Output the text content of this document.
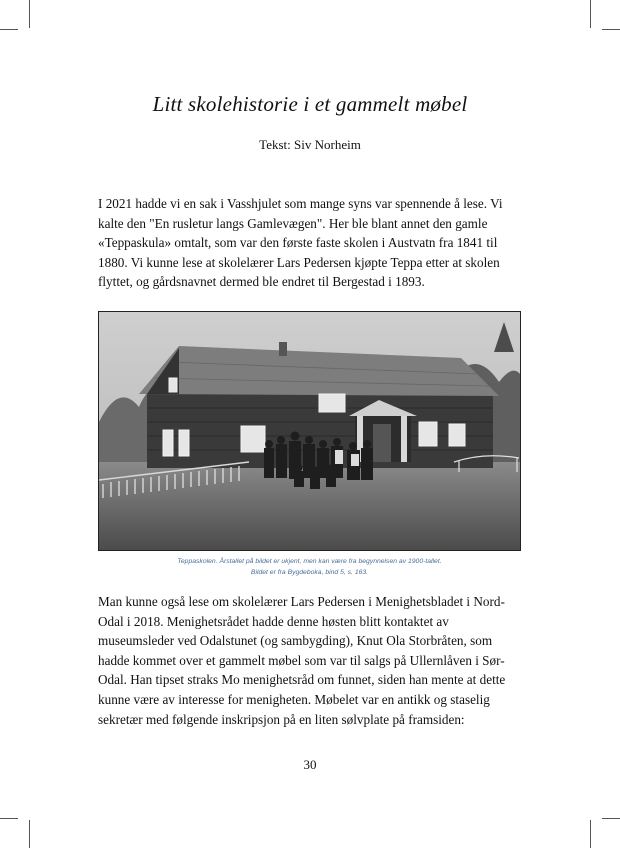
Litt skolehistorie i et gammelt møbel
Tekst: Siv Norheim

I 2021 hadde vi en sak i Vasshjulet som mange syns var spennende å lese. Vi kalte den "En rusletur langs Gamlevægen". Her ble blant annet den gamle «Teppaskula» omtalt, som var den første faste skolen i Austvatn fra 1841 til 1880. Vi kunne lese at skolelærer Lars Pedersen kjøpte Teppa etter at skolen flyttet, og gårdsnavnet dermed ble endret til Bergestad i 1893.

Teppaskolen. Årstallet på bildet er ukjent, men kan være fra begynnelsen av 1900-tallet.
Bildet er fra Bygdeboka, bind 5, s. 163.

Man kunne også lese om skolelærer Lars Pedersen i Menighetsbladet i Nord-Odal i 2018. Menighetsrådet hadde denne høsten blitt kontaktet av museumsleder ved Odalstunet (og sambygding), Knut Ola Storbråten, som hadde kommet over et gammelt møbel som var til salgs på Ullernlåven i Sør-Odal. Han tipset straks Mo menighetsråd om funnet, siden han mente at dette kunne være av interesse for menigheten. Møbelet var en antikk og staselig sekretær med følgende inskripsjon på en liten sølvplate på framsiden:

30
